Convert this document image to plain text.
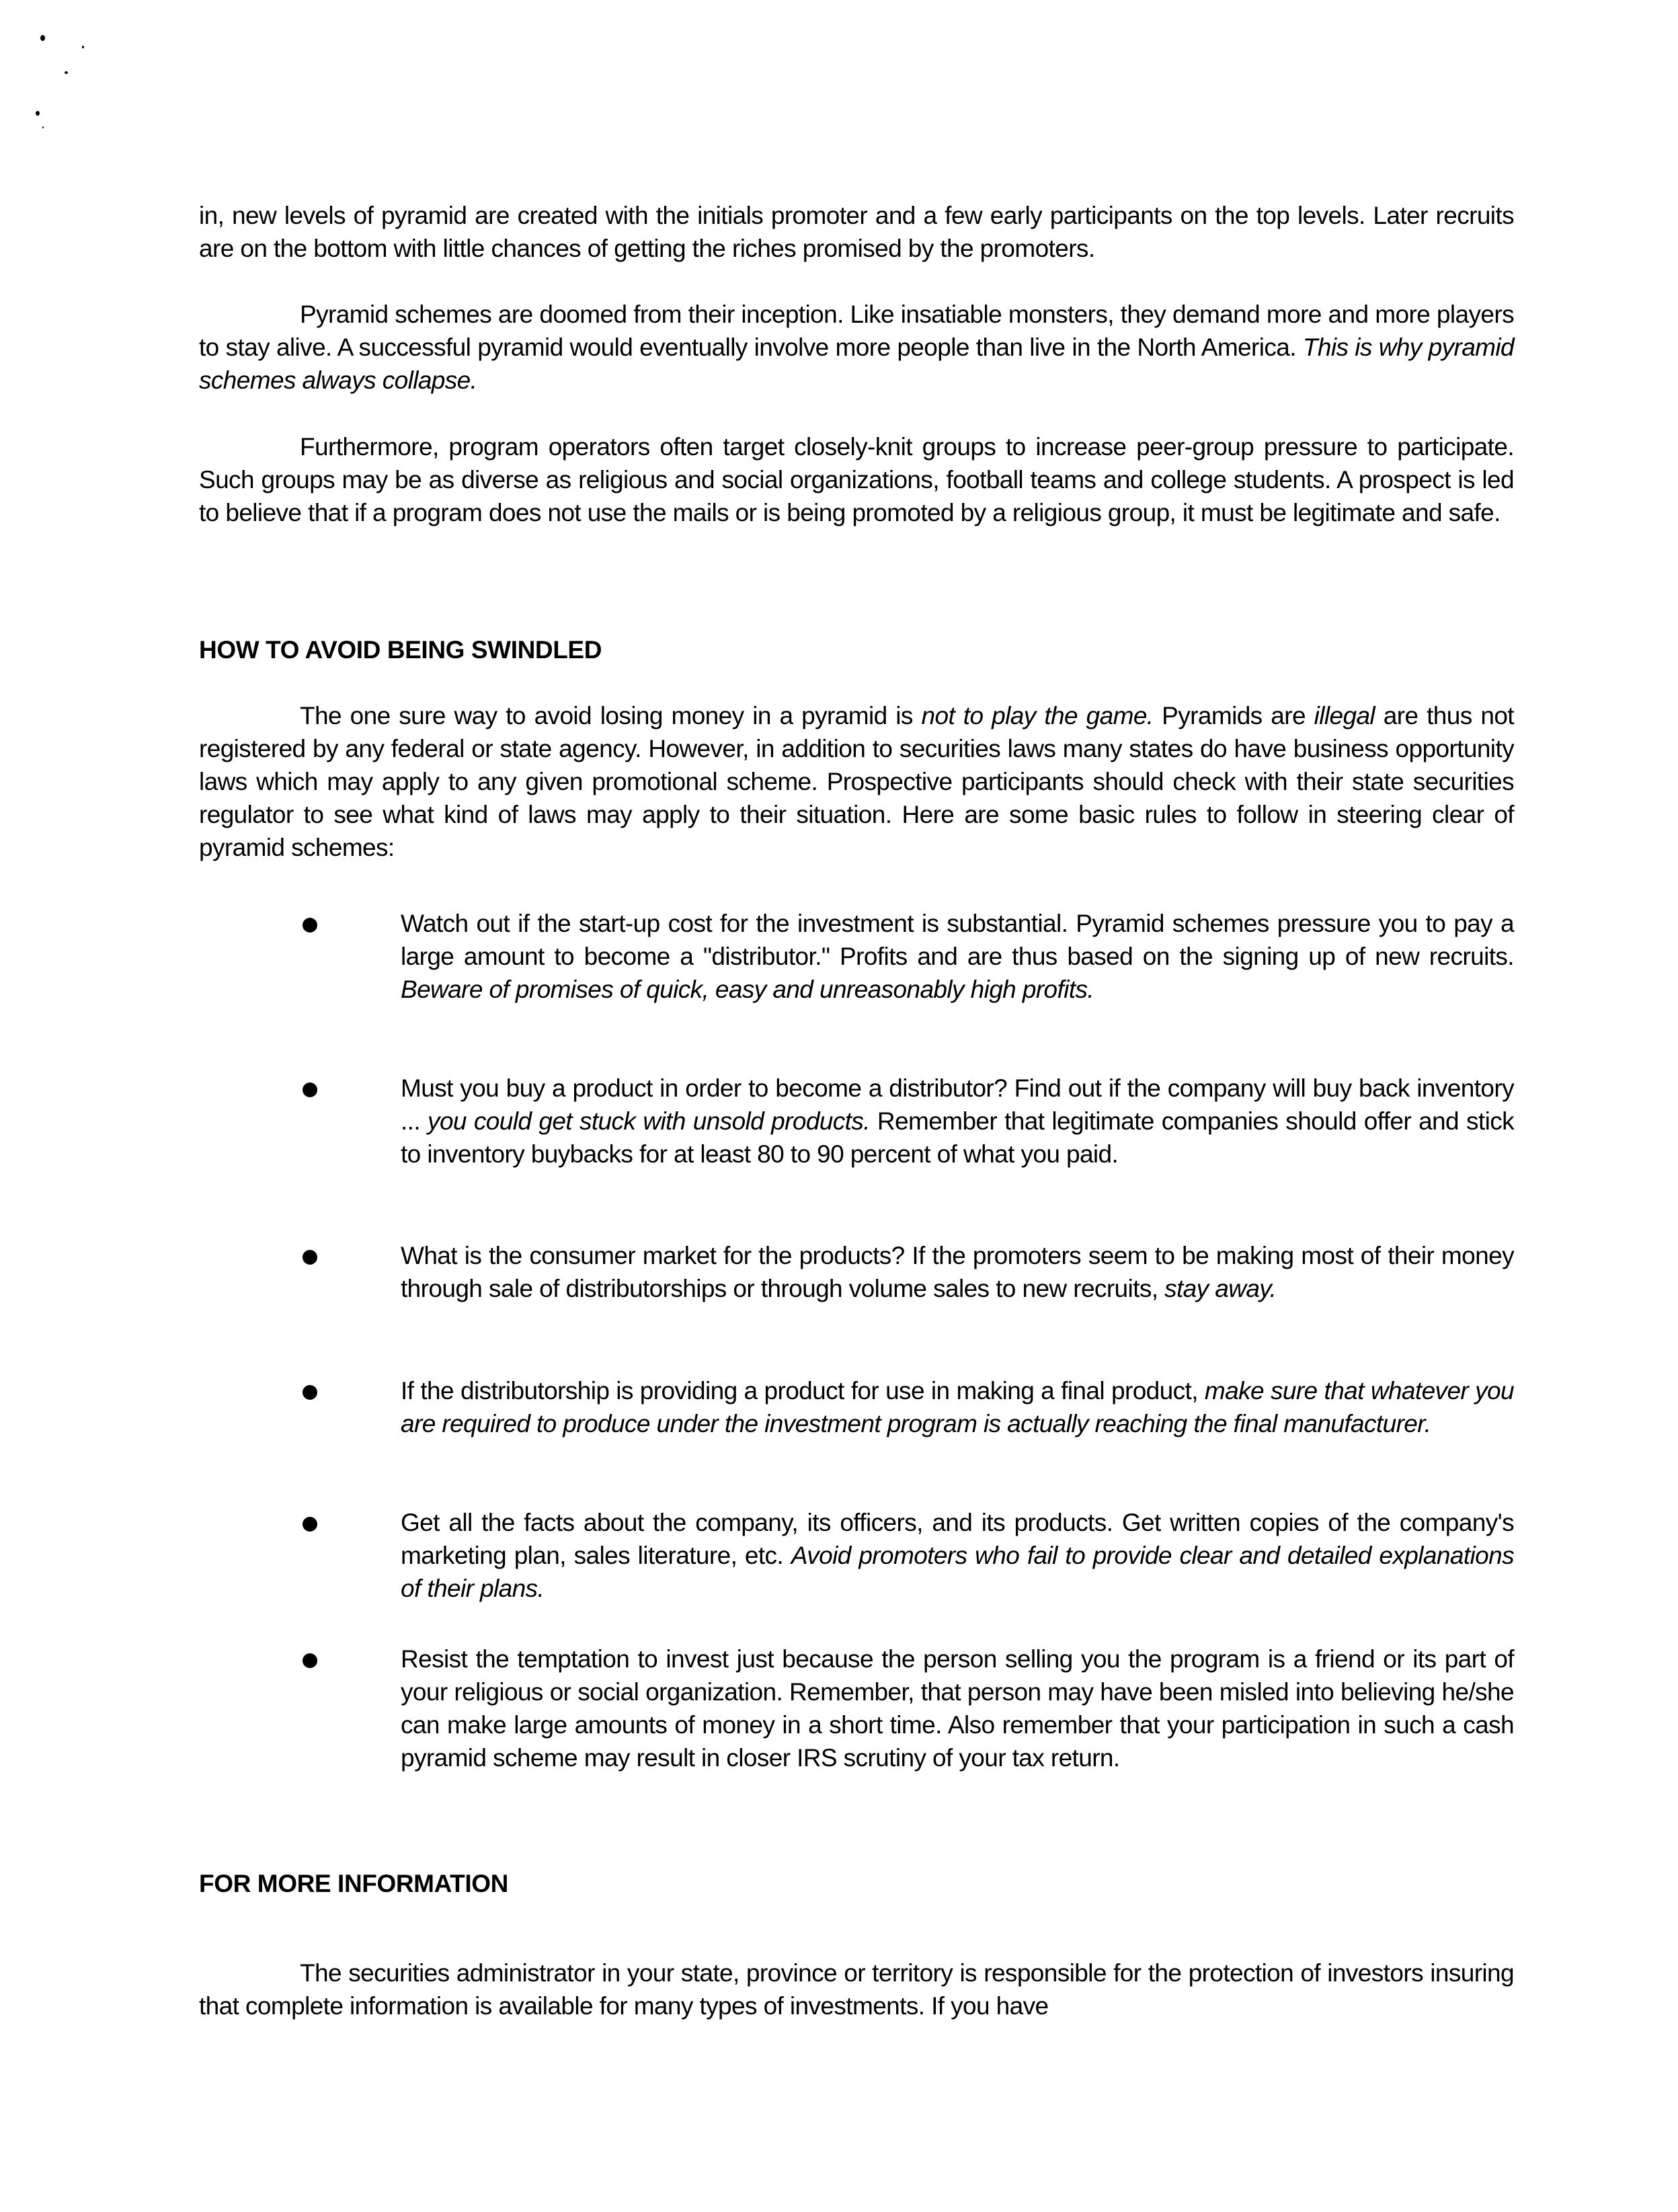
in, new levels of pyramid are created with the initials promoter and a few early participants on the top levels. Later recruits are on the bottom with little chances of getting the riches promised by the promoters.

Pyramid schemes are doomed from their inception. Like insatiable monsters, they demand more and more players to stay alive. A successful pyramid would eventually involve more people than live in the North America. This is why pyramid schemes always collapse.

Furthermore, program operators often target closely-knit groups to increase peer-group pressure to participate. Such groups may be as diverse as religious and social organizations, football teams and college students. A prospect is led to believe that if a program does not use the mails or is being promoted by a religious group, it must be legitimate and safe.

HOW TO AVOID BEING SWINDLED

The one sure way to avoid losing money in a pyramid is not to play the game. Pyramids are illegal are thus not registered by any federal or state agency. However, in addition to securities laws many states do have business opportunity laws which may apply to any given promotional scheme. Prospective participants should check with their state securities regulator to see what kind of laws may apply to their situation. Here are some basic rules to follow in steering clear of pyramid schemes:

Watch out if the start-up cost for the investment is substantial. Pyramid schemes pressure you to pay a large amount to become a "distributor." Profits and are thus based on the signing up of new recruits. Beware of promises of quick, easy and unreasonably high profits.

Must you buy a product in order to become a distributor? Find out if the company will buy back inventory ... you could get stuck with unsold products. Remember that legitimate companies should offer and stick to inventory buybacks for at least 80 to 90 percent of what you paid.

What is the consumer market for the products? If the promoters seem to be making most of their money through sale of distributorships or through volume sales to new recruits, stay away.

If the distributorship is providing a product for use in making a final product, make sure that whatever you are required to produce under the investment program is actually reaching the final manufacturer.

Get all the facts about the company, its officers, and its products. Get written copies of the company's marketing plan, sales literature, etc. Avoid promoters who fail to provide clear and detailed explanations of their plans.

Resist the temptation to invest just because the person selling you the program is a friend or its part of your religious or social organization. Remember, that person may have been misled into believing he/she can make large amounts of money in a short time. Also remember that your participation in such a cash pyramid scheme may result in closer IRS scrutiny of your tax return.

FOR MORE INFORMATION

The securities administrator in your state, province or territory is responsible for the protection of investors insuring that complete information is available for many types of investments. If you have
